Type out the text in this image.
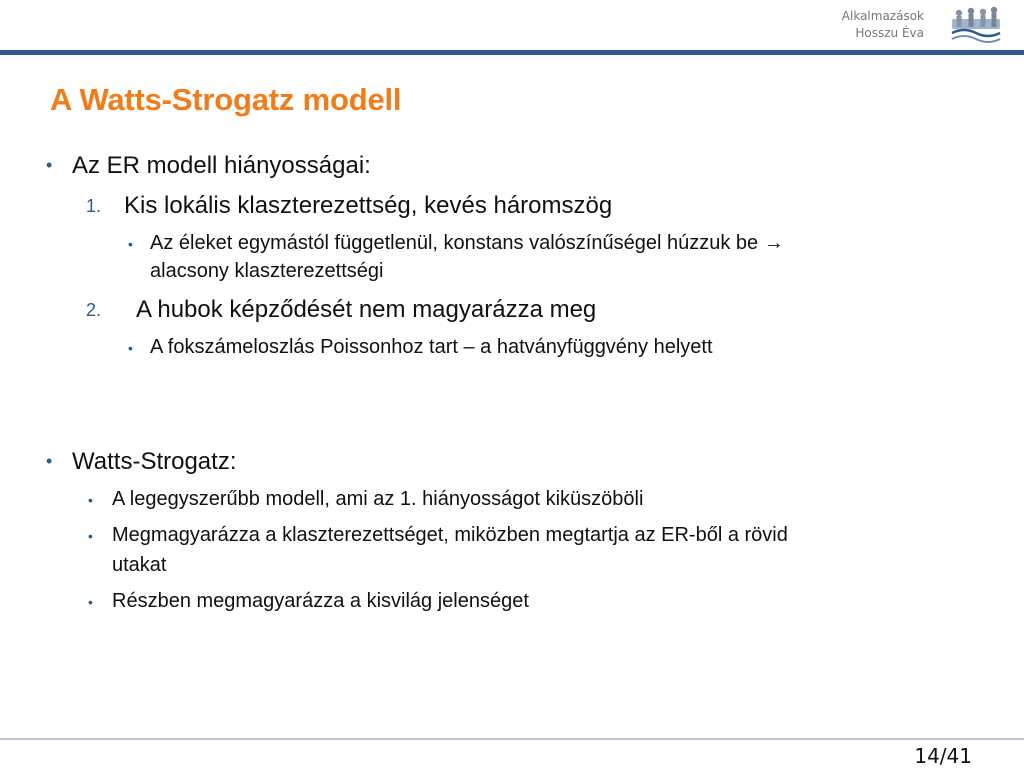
Alkalmazások
Hosszu Éva
A Watts-Strogatz modell
• Az ER modell hiányosságai:
1. Kis lokális klaszterezettség, kevés háromszög
• Az éleket egymástól függetlenül, konstans valószínűségel húzzuk be →
alacsony klaszterezettségi
2. A hubok képződését nem magyarázza meg
• A fokszámeloszlás Poissonhoz tart – a hatványfüggvény helyett
• Watts-Strogatz:
• A legegyszerűbb modell, ami az 1. hiányosságot kiküszöböli
• Megmagyarázza a klaszterezettséget, miközben megtartja az ER-ből a rövid
utakat
• Részben megmagyarázza a kisvilág jelenséget
14/41
